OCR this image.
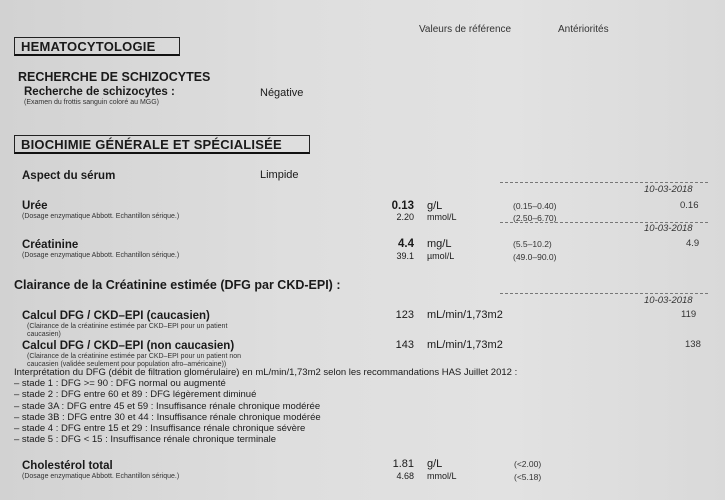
Valeurs de référence	Antériorités
HEMATOCYTOLOGIE
RECHERCHE DE SCHIZOCYTES
Recherche de schizocytes :
(Examen du frottis sanguin coloré au MGG)
Négative
BIOCHIMIE GÉNÉRALE ET SPÉCIALISÉE
Aspect du sérum	Limpide
10-03-2018
Urée
(Dosage enzymatique Abbott. Echantillon sérique.)
0.13 g/L	(0.15–0.40)	0.16
2.20 mmol/L	(2.50–6.70)
10-03-2018
Créatinine
(Dosage enzymatique Abbott. Echantillon sérique.)
4.4 mg/L	(5.5–10.2)	4.9
39.1 µmol/L	(49.0–90.0)
Clairance de la Créatinine estimée (DFG par CKD-EPI) :
10-03-2018
Calcul DFG / CKD–EPI (caucasien)
(Clairance de la créatinine estimée par CKD–EPI pour un patient
caucasien)
123 mL/min/1,73m2	119
Calcul DFG / CKD–EPI (non caucasien)
(Clairance de la créatinine estimée par CKD–EPI pour un patient non
caucasien (validée seulement pour population afro–américaine))
143 mL/min/1,73m2	138
Interprétation du DFG (débit de filtration glomérulaire) en mL/min/1,73m2 selon les recommandations HAS Juillet 2012 :
– stade 1 : DFG >= 90 : DFG normal ou augmenté
– stade 2 : DFG entre 60 et 89 : DFG légèrement diminué
– stade 3A : DFG entre 45 et 59 : Insuffisance rénale chronique modérée
– stade 3B : DFG entre 30 et 44 : Insuffisance rénale chronique modérée
– stade 4 : DFG entre 15 et 29 : Insuffisance rénale chronique sévère
– stade 5 : DFG < 15 : Insuffisance rénale chronique terminale
Cholestérol total
(Dosage enzymatique Abbott. Echantillon sérique.)
1.81 g/L	(<2.00)
4.68 mmol/L	(<5.18)
